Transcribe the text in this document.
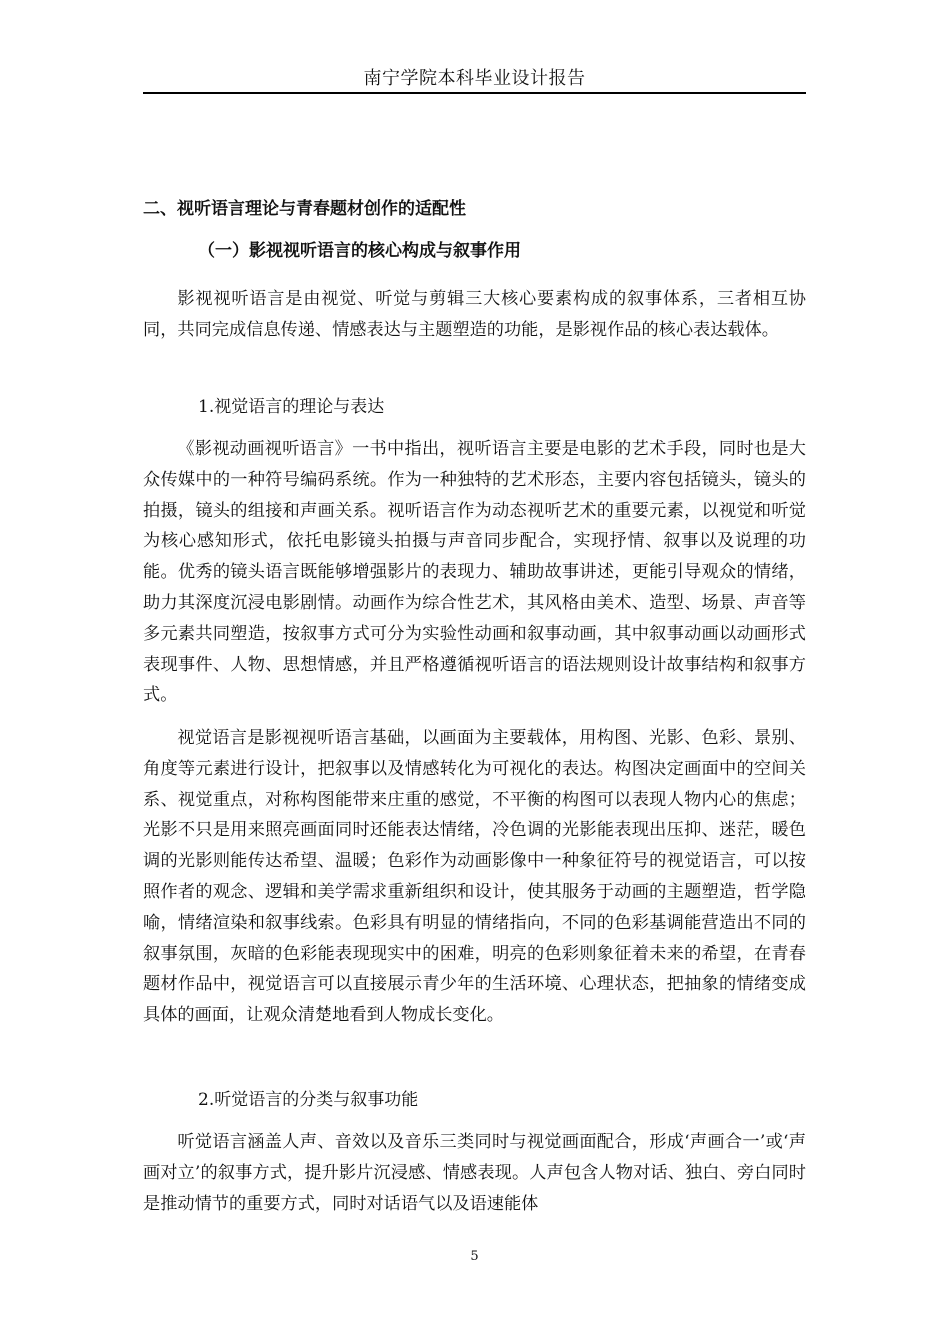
南宁学院本科毕业设计报告
二、视听语言理论与青春题材创作的适配性
（一）影视视听语言的核心构成与叙事作用

影视视听语言是由视觉、听觉与剪辑三大核心要素构成的叙事体系，三者相互协同，共同完成信息传递、情感表达与主题塑造的功能，是影视作品的核心表达载体。

1.视觉语言的理论与表达

《影视动画视听语言》一书中指出，视听语言主要是电影的艺术手段，同时也是大众传媒中的一种符号编码系统。作为一种独特的艺术形态，主要内容包括镜头，镜头的拍摄，镜头的组接和声画关系。视听语言作为动态视听艺术的重要元素，以视觉和听觉为核心感知形式，依托电影镜头拍摄与声音同步配合，实现抒情、叙事以及说理的功能。优秀的镜头语言既能够增强影片的表现力、辅助故事讲述，更能引导观众的情绪，助力其深度沉浸电影剧情。动画作为综合性艺术，其风格由美术、造型、场景、声音等多元素共同塑造，按叙事方式可分为实验性动画和叙事动画，其中叙事动画以动画形式表现事件、人物、思想情感，并且严格遵循视听语言的语法规则设计故事结构和叙事方式。

视觉语言是影视视听语言基础，以画面为主要载体，用构图、光影、色彩、景别、角度等元素进行设计，把叙事以及情感转化为可视化的表达。构图决定画面中的空间关系、视觉重点，对称构图能带来庄重的感觉，不平衡的构图可以表现人物内心的焦虑；光影不只是用来照亮画面同时还能表达情绪，冷色调的光影能表现出压抑、迷茫，暖色调的光影则能传达希望、温暖；色彩作为动画影像中一种象征符号的视觉语言，可以按照作者的观念、逻辑和美学需求重新组织和设计，使其服务于动画的主题塑造，哲学隐喻，情绪渲染和叙事线索。色彩具有明显的情绪指向，不同的色彩基调能营造出不同的叙事氛围，灰暗的色彩能表现现实中的困难，明亮的色彩则象征着未来的希望，在青春题材作品中，视觉语言可以直接展示青少年的生活环境、心理状态，把抽象的情绪变成具体的画面，让观众清楚地看到人物成长变化。

2.听觉语言的分类与叙事功能

听觉语言涵盖人声、音效以及音乐三类同时与视觉画面配合，形成‘声画合一’或‘声画对立’的叙事方式，提升影片沉浸感、情感表现。人声包含人物对话、独白、旁白同时是推动情节的重要方式，同时对话语气以及语速能体

5
